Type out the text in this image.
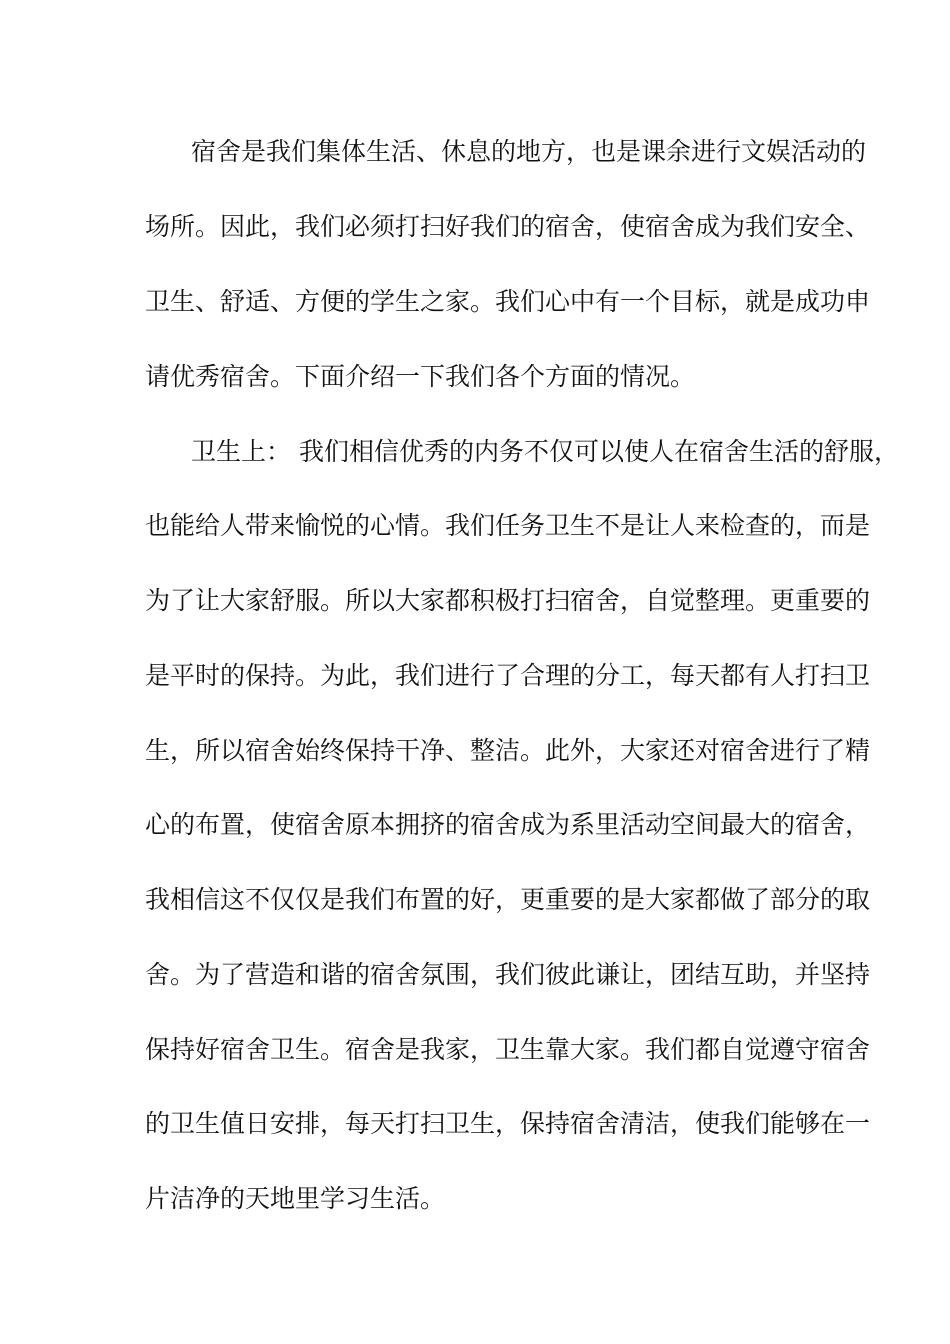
宿舍是我们集体生活、休息的地方，也是课余进行文娱活动的
场所。因此，我们必须打扫好我们的宿舍，使宿舍成为我们安全、
卫生、舒适、方便的学生之家。我们心中有一个目标，就是成功申
请优秀宿舍。下面介绍一下我们各个方面的情况。
卫生上： 我们相信优秀的内务不仅可以使人在宿舍生活的舒服，
也能给人带来愉悦的心情。我们任务卫生不是让人来检查的，而是
为了让大家舒服。所以大家都积极打扫宿舍，自觉整理。更重要的
是平时的保持。为此，我们进行了合理的分工，每天都有人打扫卫
生，所以宿舍始终保持干净、整洁。此外，大家还对宿舍进行了精
心的布置，使宿舍原本拥挤的宿舍成为系里活动空间最大的宿舍，
我相信这不仅仅是我们布置的好，更重要的是大家都做了部分的取
舍。为了营造和谐的宿舍氛围，我们彼此谦让，团结互助，并坚持
保持好宿舍卫生。宿舍是我家，卫生靠大家。我们都自觉遵守宿舍
的卫生值日安排，每天打扫卫生，保持宿舍清洁，使我们能够在一
片洁净的天地里学习生活。
